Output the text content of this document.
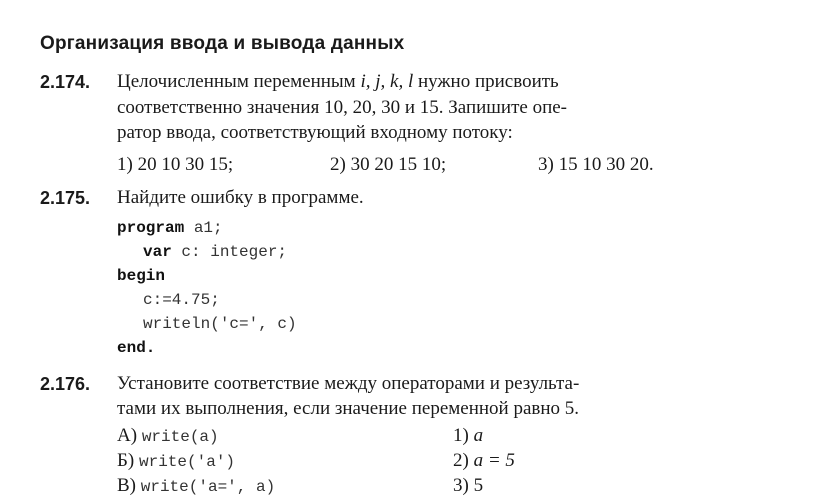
Организация ввода и вывода данных
2.174. Целочисленным переменным i, j, k, l нужно присвоить
соответственно значения 10, 20, 30 и 15. Запишите опе-
ратор ввода, соответствующий входному потоку:
1) 20 10 30 15;	2) 30 20 15 10;	3) 15 10 30 20.
2.175. Найдите ошибку в программе.
program a1;
var c: integer;
begin
c:=4.75;
writeln('c=', c)
end.
2.176. Установите соответствие между операторами и результа-
тами их выполнения, если значение переменной равно 5.
А) write(a)
Б) write('a')
В) write('a=', a)
1) a
2) a = 5
3) 5
